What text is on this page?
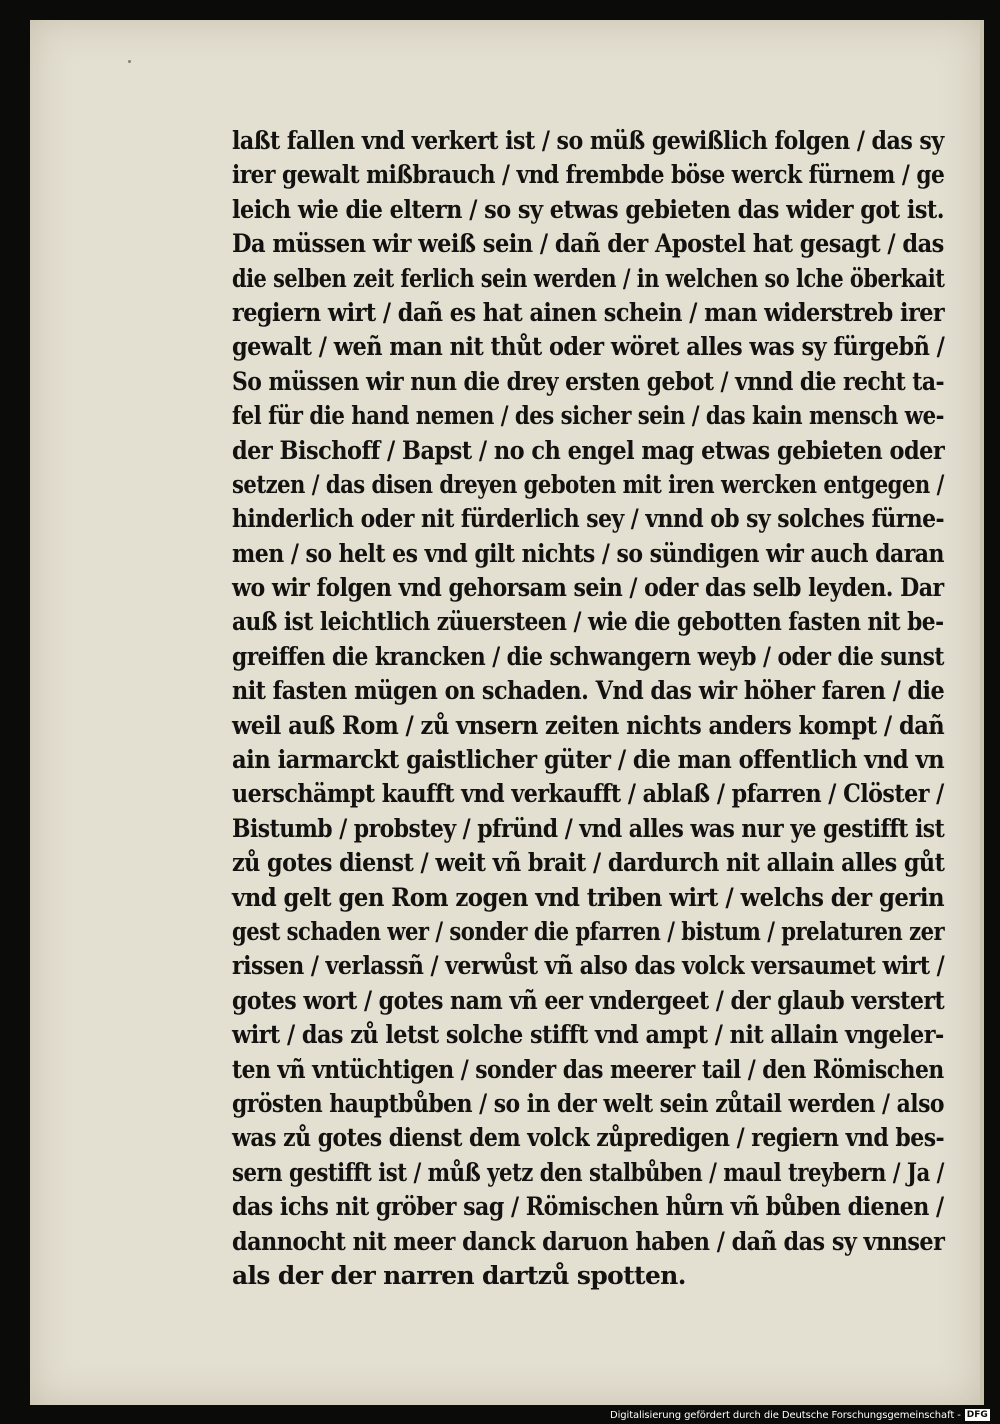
laßt fallen vnd verkert ist / so müß gewißlich folgen / das sy
irer gewalt mißbrauch / vnd frembde böse werck fürnem / ge
leich wie die eltern / so sy etwas gebieten das wider got ist.
Da müssen wir weiß sein / dañ der Apostel hat gesagt / das
die selben zeit ferlich sein werden / in welchen so lche öberkait
regiern wirt / dañ es hat ainen schein / man widerstreb irer
gewalt / weñ man nit thůt oder wöret alles was sy fürgebñ /
So müssen wir nun die drey ersten gebot / vnnd die recht ta-
fel für die hand nemen / des sicher sein / das kain mensch we-
der Bischoff / Bapst / no ch engel mag etwas gebieten oder
setzen / das disen dreyen geboten mit iren wercken entgegen /
hinderlich oder nit fürderlich sey / vnnd ob sy solches fürne-
men / so helt es vnd gilt nichts / so sündigen wir auch daran
wo wir folgen vnd gehorsam sein / oder das selb leyden. Dar
auß ist leichtlich züuersteen / wie die gebotten fasten nit be-
greiffen die krancken / die schwangern weyb / oder die sunst
nit fasten mügen on schaden. Vnd das wir höher faren / die
weil auß Rom / zů vnsern zeiten nichts anders kompt / dañ
ain iarmarckt gaistlicher güter / die man offentlich vnd vn
uerschämpt kaufft vnd verkaufft / ablaß / pfarren / Clöster /
Bistumb / probstey / pfründ / vnd alles was nur ye gestifft ist
zů gotes dienst / weit vñ brait / dardurch nit allain alles gůt
vnd gelt gen Rom zogen vnd triben wirt / welchs der gerin
gest schaden wer / sonder die pfarren / bistum / prelaturen zer
rissen / verlassñ / verwůst vñ also das volck versaumet wirt /
gotes wort / gotes nam vñ eer vndergeet / der glaub verstert
wirt / das zů letst solche stifft vnd ampt / nit allain vngeler-
ten vñ vntüchtigen / sonder das meerer tail / den Römischen
grösten hauptbůben / so in der welt sein zůtail werden / also
was zů gotes dienst dem volck zůpredigen / regiern vnd bes-
sern gestifft ist / můß yetz den stalbůben / maul treybern / Ja /
das ichs nit gröber sag / Römischen hůrn vñ bůben dienen /
dannocht nit meer danck daruon haben / dañ das sy vnnser
als der der narren dartzů spotten.
Digitalisierung gefördert durch die Deutsche Forschungsgemeinschaft - DFG
